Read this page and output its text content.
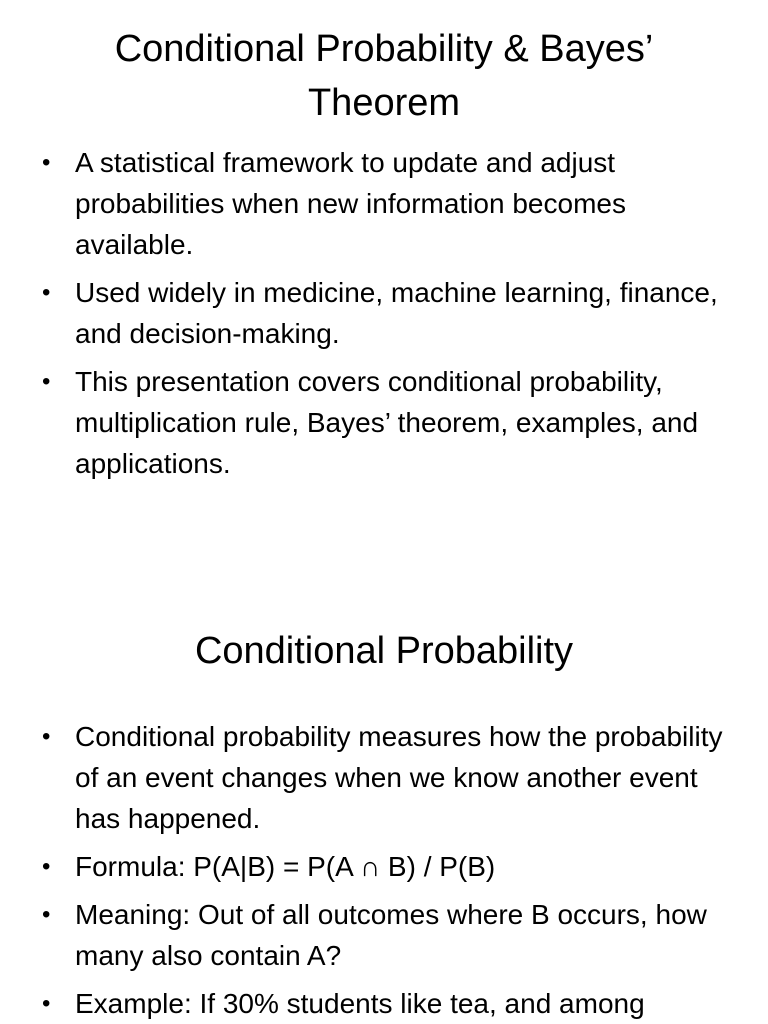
Conditional Probability & Bayes’ Theorem
• A statistical framework to update and adjust probabilities when new information becomes available.
• Used widely in medicine, machine learning, finance, and decision-making.
• This presentation covers conditional probability, multiplication rule, Bayes’ theorem, examples, and applications.
Conditional Probability
• Conditional probability measures how the probability of an event changes when we know another event has happened.
• Formula: P(A|B) = P(A ∩ B) / P(B)
• Meaning: Out of all outcomes where B occurs, how many also contain A?
• Example: If 30% students like tea, and among
